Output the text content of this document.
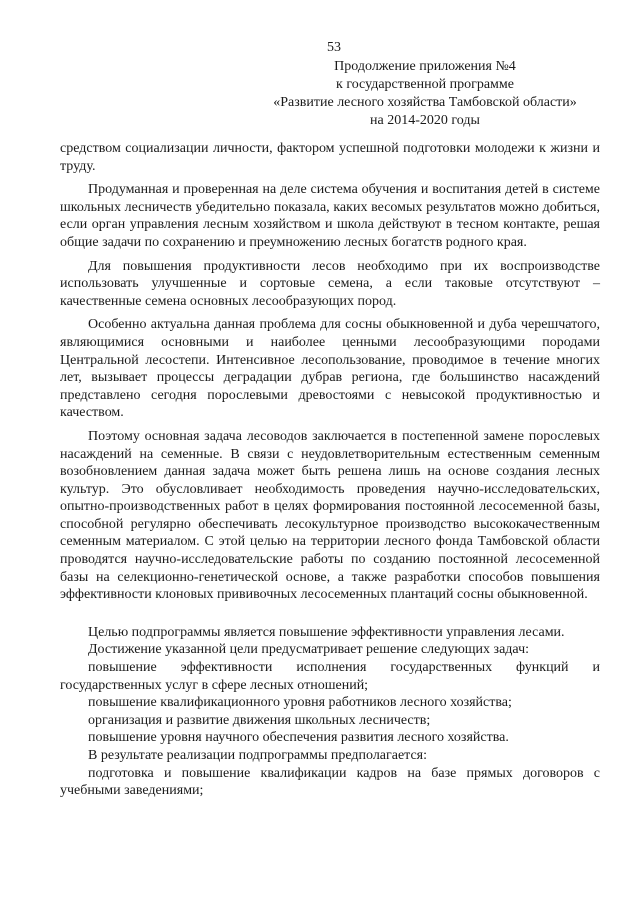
53
Продолжение приложения №4
к государственной программе
«Развитие лесного хозяйства Тамбовской области»
на 2014-2020 годы

средством социализации личности, фактором успешной подготовки молодежи к жизни и труду.

Продуманная и проверенная на деле система обучения и воспитания детей в системе школьных лесничеств убедительно показала, каких весомых результатов можно добиться, если орган управления лесным хозяйством и школа действуют в тесном контакте, решая общие задачи по сохранению и преумножению лесных богатств родного края.

Для повышения продуктивности лесов необходимо при их воспроизводстве использовать улучшенные и сортовые семена, а если таковые отсутствуют – качественные семена основных лесообразующих пород.

Особенно актуальна данная проблема для сосны обыкновенной и дуба черешчатого, являющимися основными и наиболее ценными лесообразующими породами Центральной лесостепи. Интенсивное лесопользование, проводимое в течение многих лет, вызывает процессы деградации дубрав региона, где большинство насаждений представлено сегодня порослевыми древостоями с невысокой продуктивностью и качеством.

Поэтому основная задача лесоводов заключается в постепенной замене порослевых насаждений на семенные. В связи с неудовлетворительным естественным семенным возобновлением данная задача может быть решена лишь на основе создания лесных культур. Это обусловливает необходимость проведения научно-исследовательских, опытно-производственных работ в целях формирования постоянной лесосеменной базы, способной регулярно обеспечивать лесокультурное производство высококачественным семенным материалом. С этой целью на территории лесного фонда Тамбовской области проводятся научно-исследовательские работы по созданию постоянной лесосеменной базы на селекционно-генетической основе, а также разработки способов повышения эффективности клоновых прививочных лесосеменных плантаций сосны обыкновенной.

Целью подпрограммы является повышение эффективности управления лесами.

Достижение указанной цели предусматривает решение следующих задач:

повышение эффективности исполнения государственных функций и государственных услуг в сфере лесных отношений;

повышение квалификационного уровня работников лесного хозяйства;

организация и развитие движения школьных лесничеств;

повышение уровня научного обеспечения развития лесного хозяйства.

В результате реализации подпрограммы предполагается:

подготовка и повышение квалификации кадров на базе прямых договоров с учебными заведениями;
